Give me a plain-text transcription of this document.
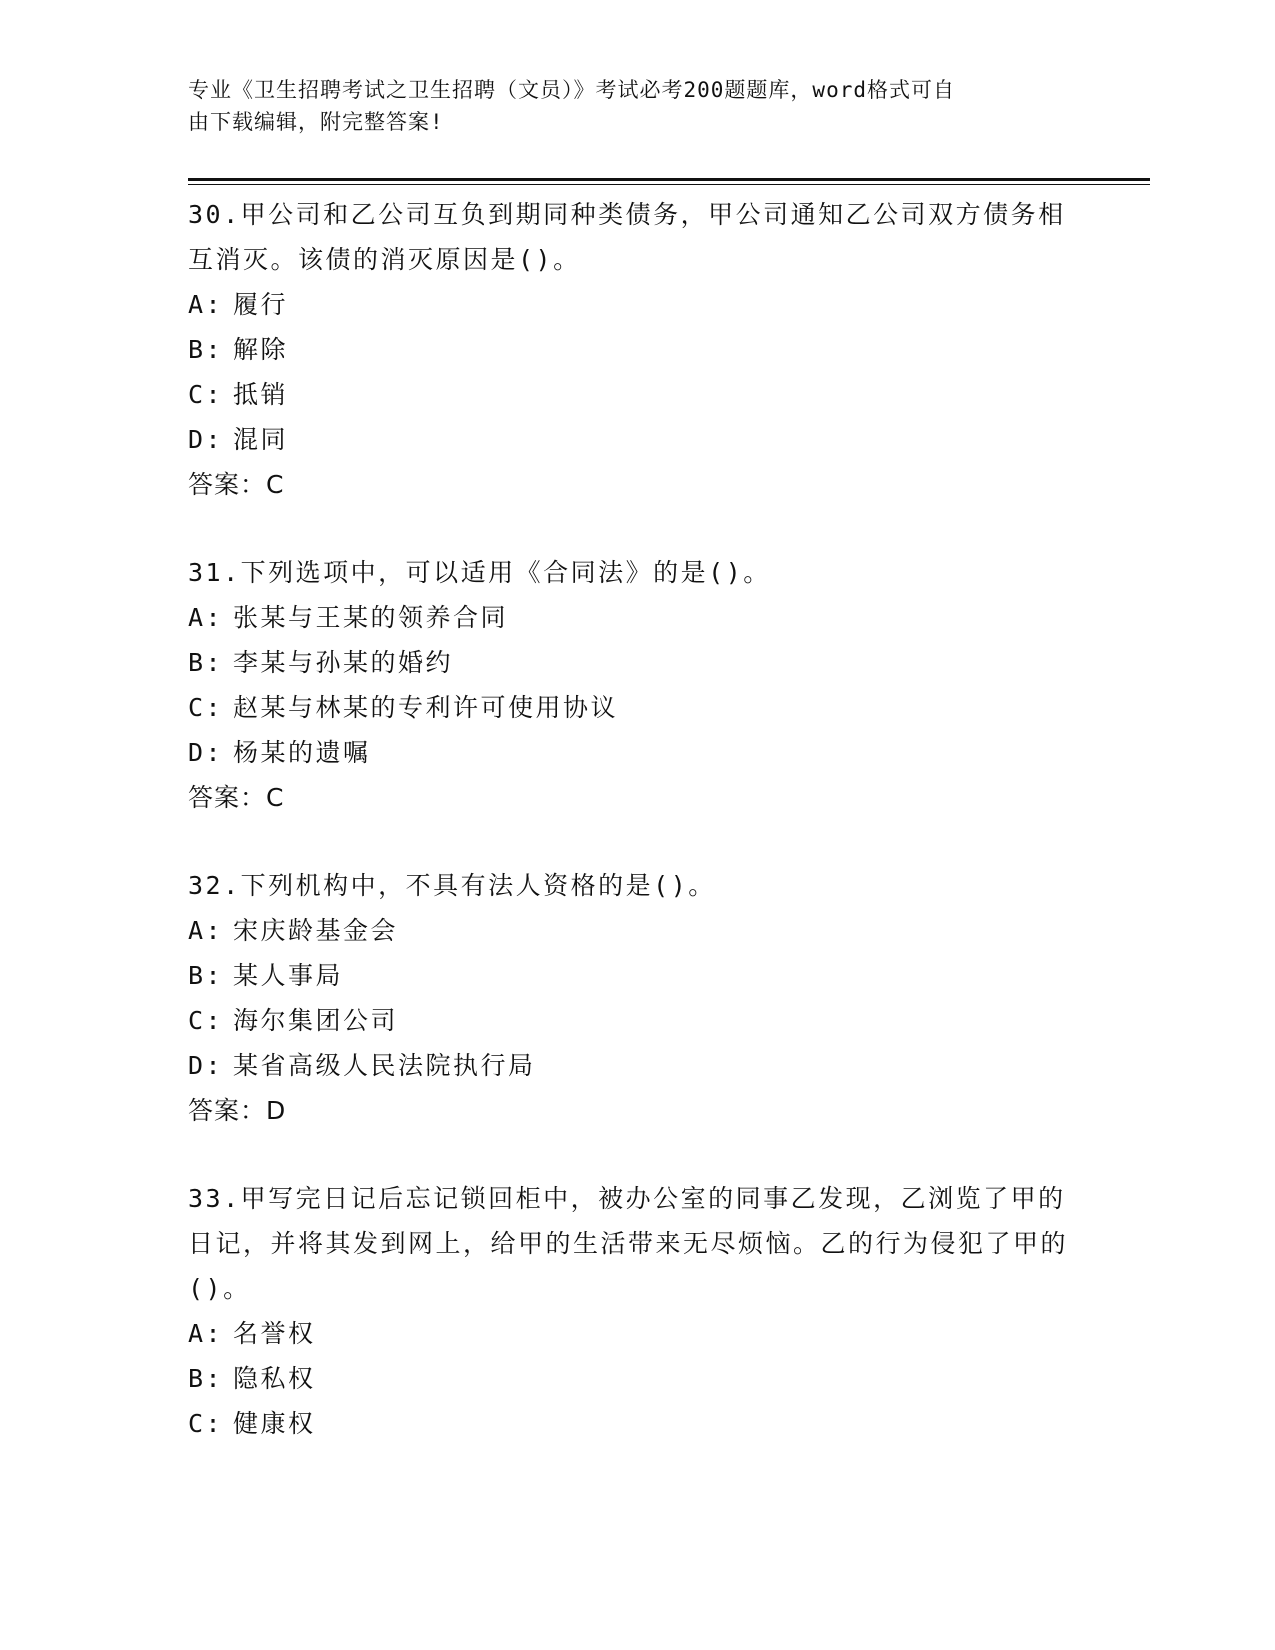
专业《卫生招聘考试之卫生招聘（文员）》考试必考200题题库，word格式可自
由下载编辑，附完整答案!
30.甲公司和乙公司互负到期同种类债务，甲公司通知乙公司双方债务相互消灭。该债的消灭原因是()。
A: 履行
B: 解除
C: 抵销
D: 混同
答案：C
31.下列选项中，可以适用《合同法》的是()。
A: 张某与王某的领养合同
B: 李某与孙某的婚约
C: 赵某与林某的专利许可使用协议
D: 杨某的遗嘱
答案：C
32.下列机构中，不具有法人资格的是()。
A: 宋庆龄基金会
B: 某人事局
C: 海尔集团公司
D: 某省高级人民法院执行局
答案：D
33.甲写完日记后忘记锁回柜中，被办公室的同事乙发现，乙浏览了甲的日记，并将其发到网上，给甲的生活带来无尽烦恼。乙的行为侵犯了甲的()。
A: 名誉权
B: 隐私权
C: 健康权
